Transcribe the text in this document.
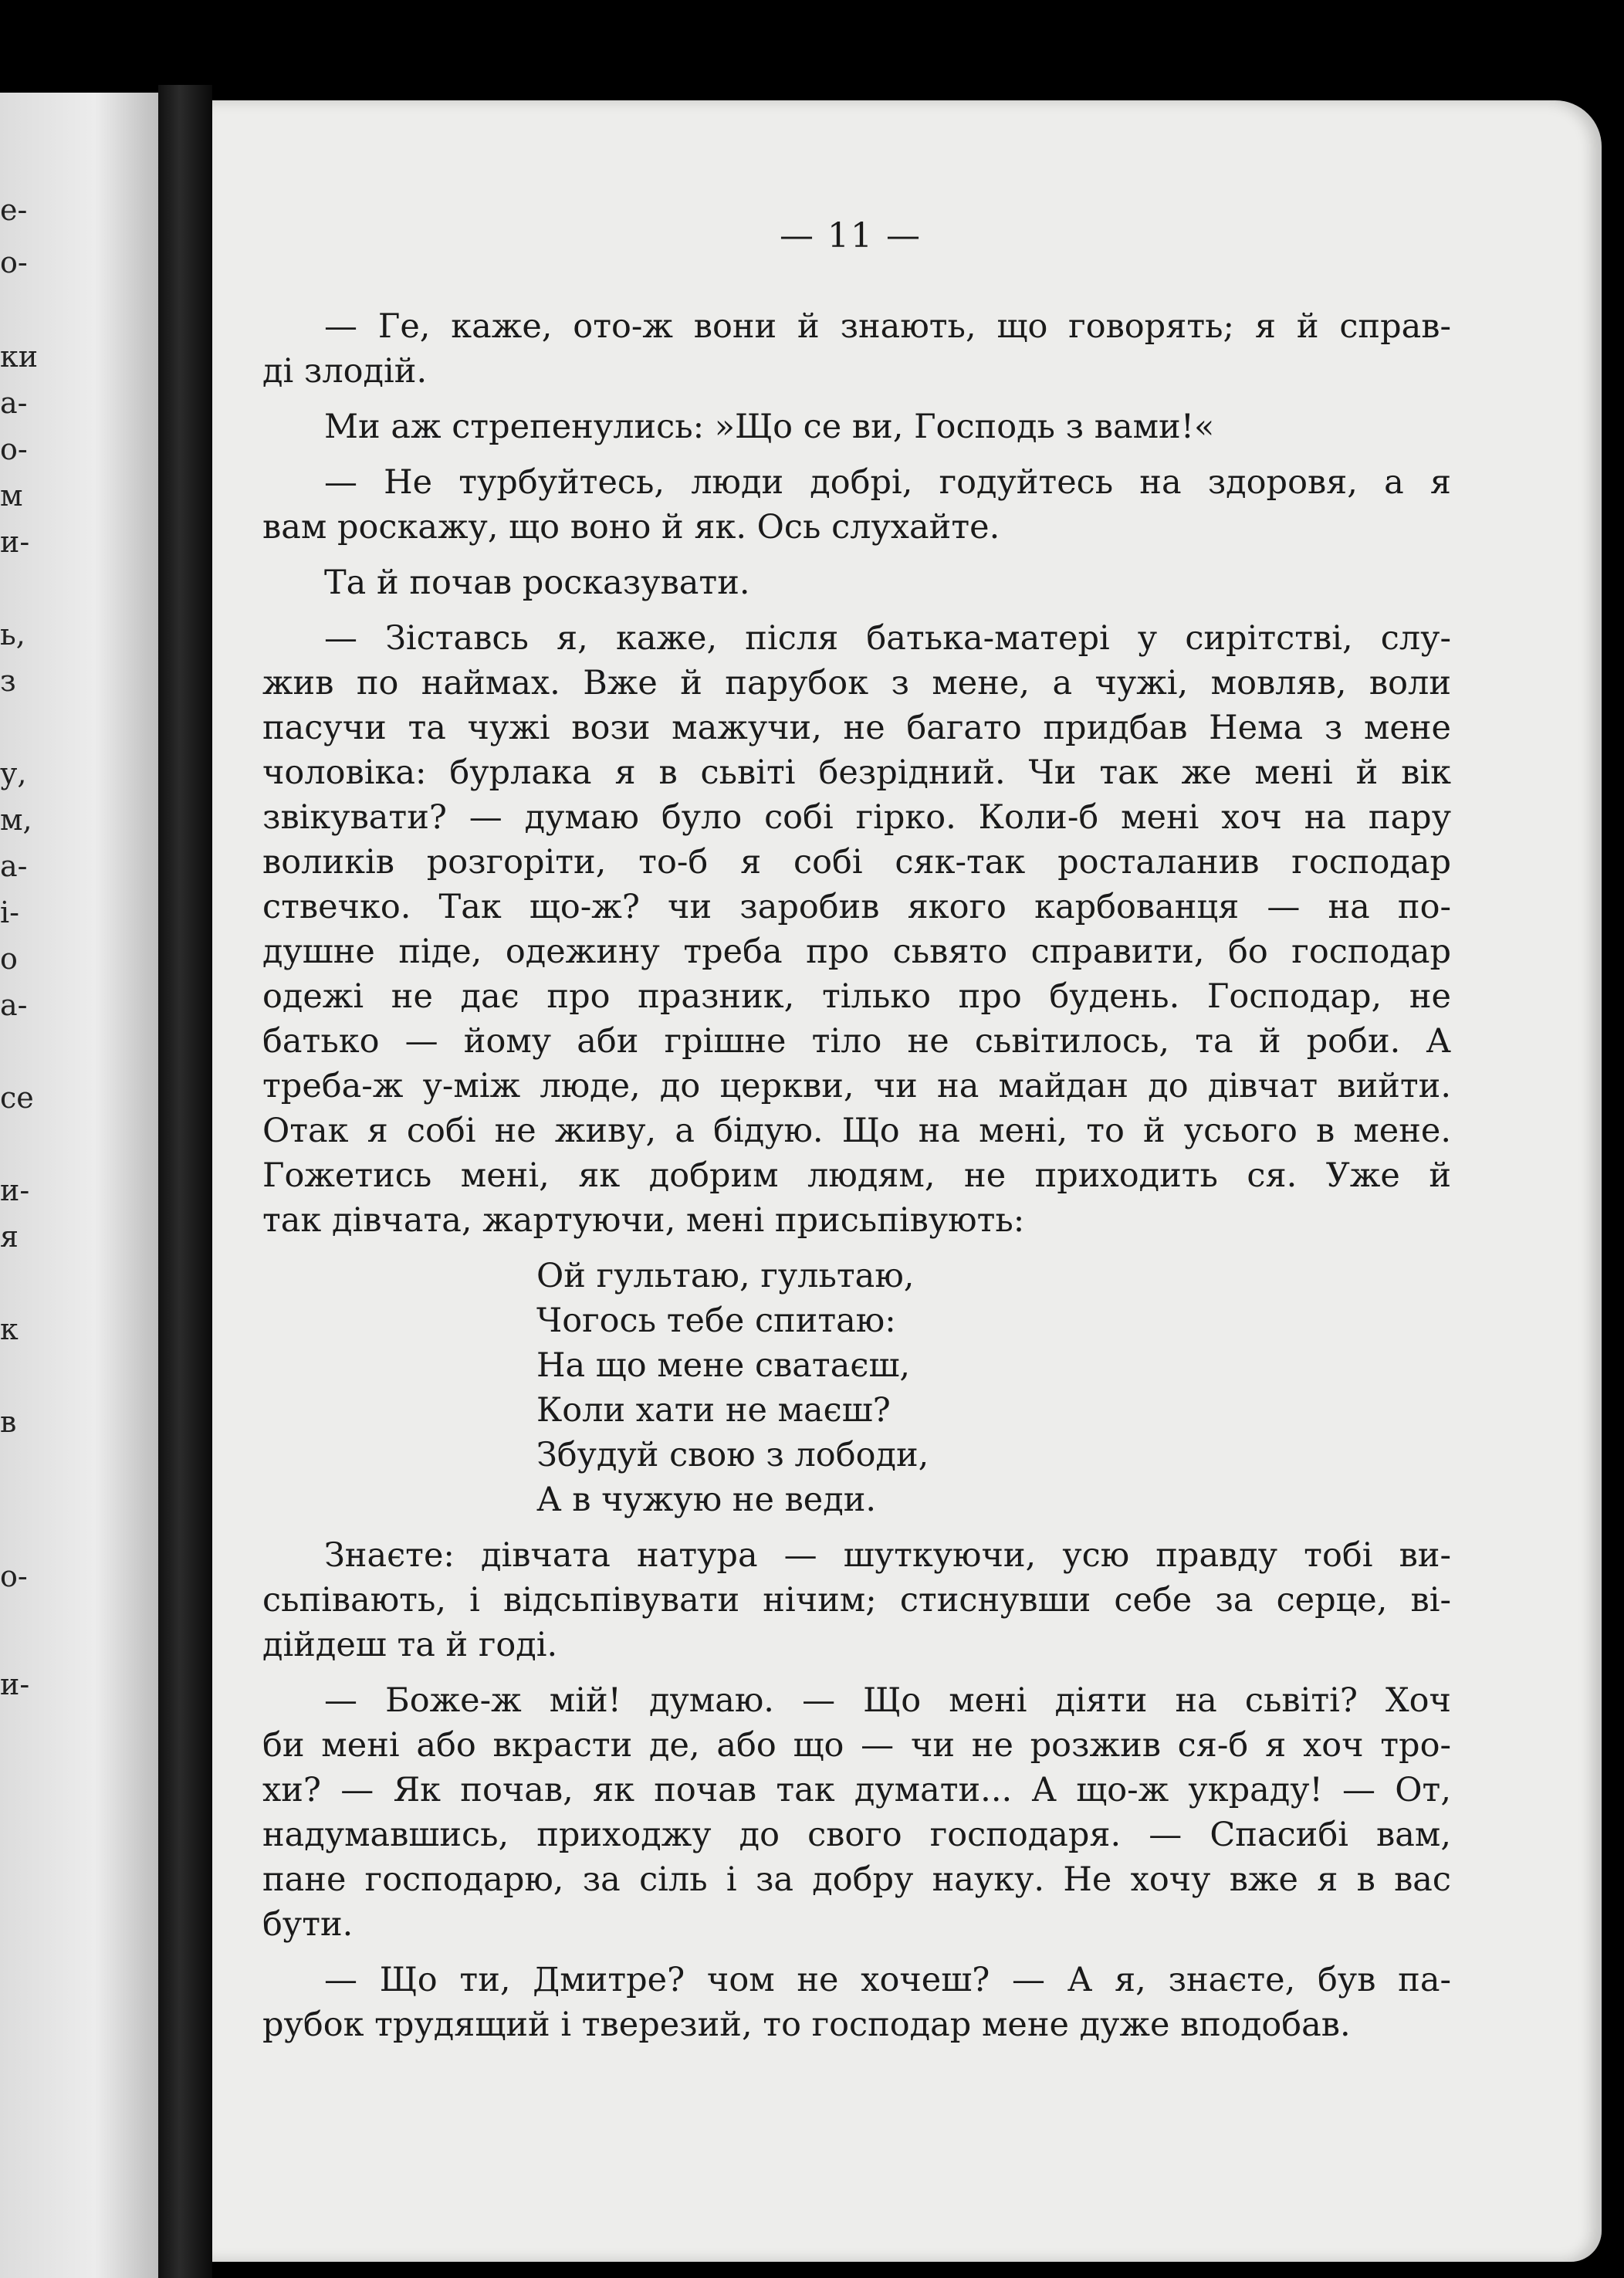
е-
о-
ки
а-
о-
м
и-
ь,
з
у,
м,
а-
і-
о
а-
се
и-
я
к
в
о-
и-
— 11 —
— Ге, каже, ото-ж вони й знають, що говорять; я й справ-
ді злодій.
Ми аж стрепенулись: »Що се ви, Господь з вами!«
— Не турбуйтесь, люди добрі, годуйтесь на здоровя, а я
вам роскажу, що воно й як. Ось слухайте.
Та й почав росказувати.
— Зіставсь я, каже, після батька-матері у сирітстві, слу-
жив по наймах. Вже й парубок з мене, а чужі, мовляв, воли
пасучи та чужі вози мажучи, не багато придбав Нема з мене
чоловіка: бурлака я в сьвіті безрідний. Чи так же мені й вік
звікувати? — думаю було собі гірко. Коли-б мені хоч на пару
воликів розгоріти, то-б я собі сяк-так росталанив господар
ствечко. Так що-ж? чи заробив якого карбованця — на по-
душне піде, одежину треба про сьвято справити, бо господар
одежі не дає про празник, тілько про будень. Господар, не
батько — йому аби грішне тіло не сьвітилось, та й роби. А
треба-ж у-між люде, до церкви, чи на майдан до дівчат вийти.
Отак я собі не живу, а бідую. Що на мені, то й усього в мене.
Гожетись мені, як добрим людям, не приходить ся. Уже й
так дівчата, жартуючи, мені присьпівують:
Ой гультаю, гультаю,
Чогось тебе спитаю:
На що мене сватаєш,
Коли хати не маєш?
Збудуй свою з лободи,
А в чужую не веди.
Знаєте: дівчата натура — шуткуючи, усю правду тобі ви-
сьпівають, і відсьпівувати нічим; стиснувши себе за серце, ві-
дійдеш та й годі.
— Боже-ж мій! думаю. — Що мені діяти на сьвіті? Хоч
би мені або вкрасти де, або що — чи не розжив ся-б я хоч тро-
хи? — Як почав, як почав так думати... А що-ж украду! — От,
надумавшись, приходжу до свого господаря. — Спасибі вам,
пане господарю, за сіль і за добру науку. Не хочу вже я в вас
бути.
— Що ти, Дмитре? чом не хочеш? — А я, знаєте, був па-
рубок трудящий і тверезий, то господар мене дуже вподобав.
